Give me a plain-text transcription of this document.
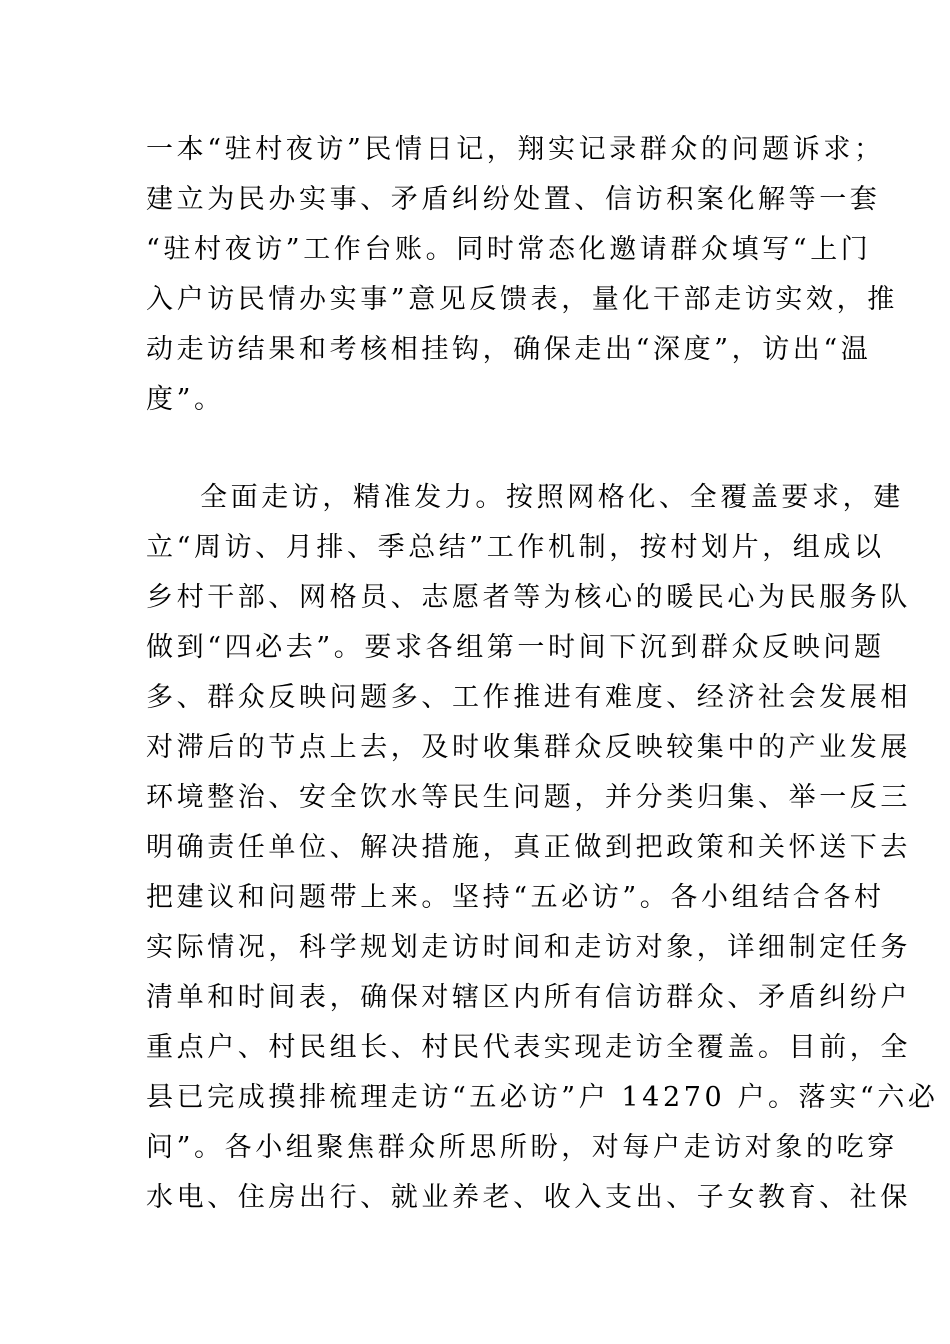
一本“驻村夜访”民情日记，翔实记录群众的问题诉求；
建立为民办实事、矛盾纠纷处置、信访积案化解等一套
“驻村夜访”工作台账。同时常态化邀请群众填写“上门
入户访民情办实事”意见反馈表，量化干部走访实效，推
动走访结果和考核相挂钩，确保走出“深度”，访出“温
度”。
全面走访，精准发力。按照网格化、全覆盖要求，建
立“周访、月排、季总结”工作机制，按村划片，组成以
乡村干部、网格员、志愿者等为核心的暖民心为民服务队
做到“四必去”。要求各组第一时间下沉到群众反映问题
多、群众反映问题多、工作推进有难度、经济社会发展相
对滞后的节点上去，及时收集群众反映较集中的产业发展
环境整治、安全饮水等民生问题，并分类归集、举一反三
明确责任单位、解决措施，真正做到把政策和关怀送下去
把建议和问题带上来。坚持“五必访”。各小组结合各村
实际情况，科学规划走访时间和走访对象，详细制定任务
清单和时间表，确保对辖区内所有信访群众、矛盾纠纷户
重点户、村民组长、村民代表实现走访全覆盖。目前，全
县已完成摸排梳理走访“五必访”户 14270 户。落实“六必
问”。各小组聚焦群众所思所盼，对每户走访对象的吃穿
水电、住房出行、就业养老、收入支出、子女教育、社保
